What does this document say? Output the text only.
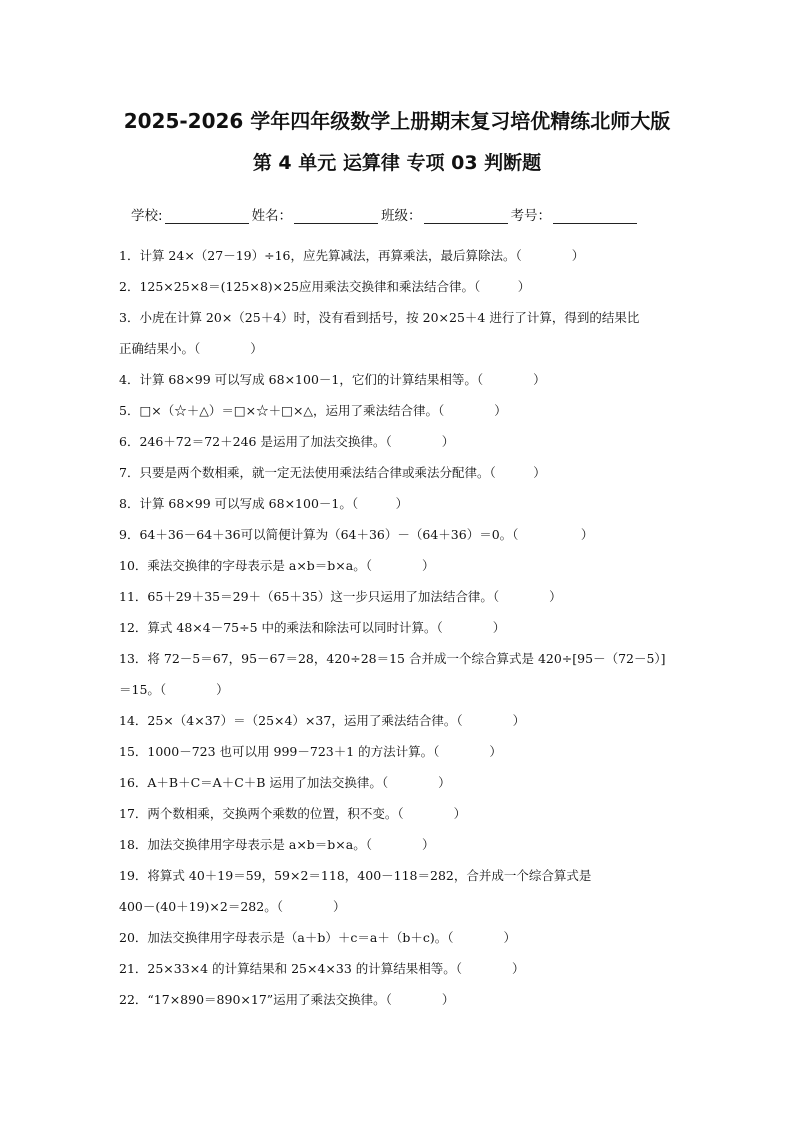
2025-2026 学年四年级数学上册期末复习培优精练北师大版
第 4 单元 运算律 专项 03 判断题
学校:	姓名：	班级：	考号：
1．计算 24×（27－19）÷16，应先算减法，再算乘法，最后算除法。（　　　　）
2．125×25×8＝(125×8)×25应用乘法交换律和乘法结合律。（　　　）
3．小虎在计算 20×（25＋4）时，没有看到括号，按 20×25＋4 进行了计算，得到的结果比
正确结果小。（　　　　）
4．计算 68×99 可以写成 68×100－1，它们的计算结果相等。（　　　　）
5．□×（☆＋△）＝□×☆＋□×△，运用了乘法结合律。（　　　　）
6．246＋72＝72＋246 是运用了加法交换律。（　　　　）
7．只要是两个数相乘，就一定无法使用乘法结合律或乘法分配律。（　　　）
8．计算 68×99 可以写成 68×100－1。（　　　）
9．64＋36－64＋36可以简便计算为（64＋36）－（64＋36）＝0。（　　　　　）
10．乘法交换律的字母表示是 a×b＝b×a。（　　　　）
11．65＋29＋35＝29＋（65＋35）这一步只运用了加法结合律。（　　　　）
12．算式 48×4－75÷5 中的乘法和除法可以同时计算。（　　　　）
13．将 72－5＝67，95－67＝28，420÷28＝15 合并成一个综合算式是 420÷[95－（72－5）]
＝15。（　　　　）
14．25×（4×37）＝（25×4）×37，运用了乘法结合律。（　　　　）
15．1000－723 也可以用 999－723＋1 的方法计算。（　　　　）
16．A＋B＋C＝A＋C＋B 运用了加法交换律。（　　　　）
17．两个数相乘，交换两个乘数的位置，积不变。（　　　　）
18．加法交换律用字母表示是 a×b＝b×a。（　　　　）
19．将算式 40＋19＝59，59×2＝118，400－118＝282，合并成一个综合算式是
400－(40＋19)×2＝282。（　　　　）
20．加法交换律用字母表示是（a＋b）＋c＝a＋（b＋c)。（　　　　）
21．25×33×4 的计算结果和 25×4×33 的计算结果相等。（　　　　）
22．“17×890＝890×17”运用了乘法交换律。（　　　　）
